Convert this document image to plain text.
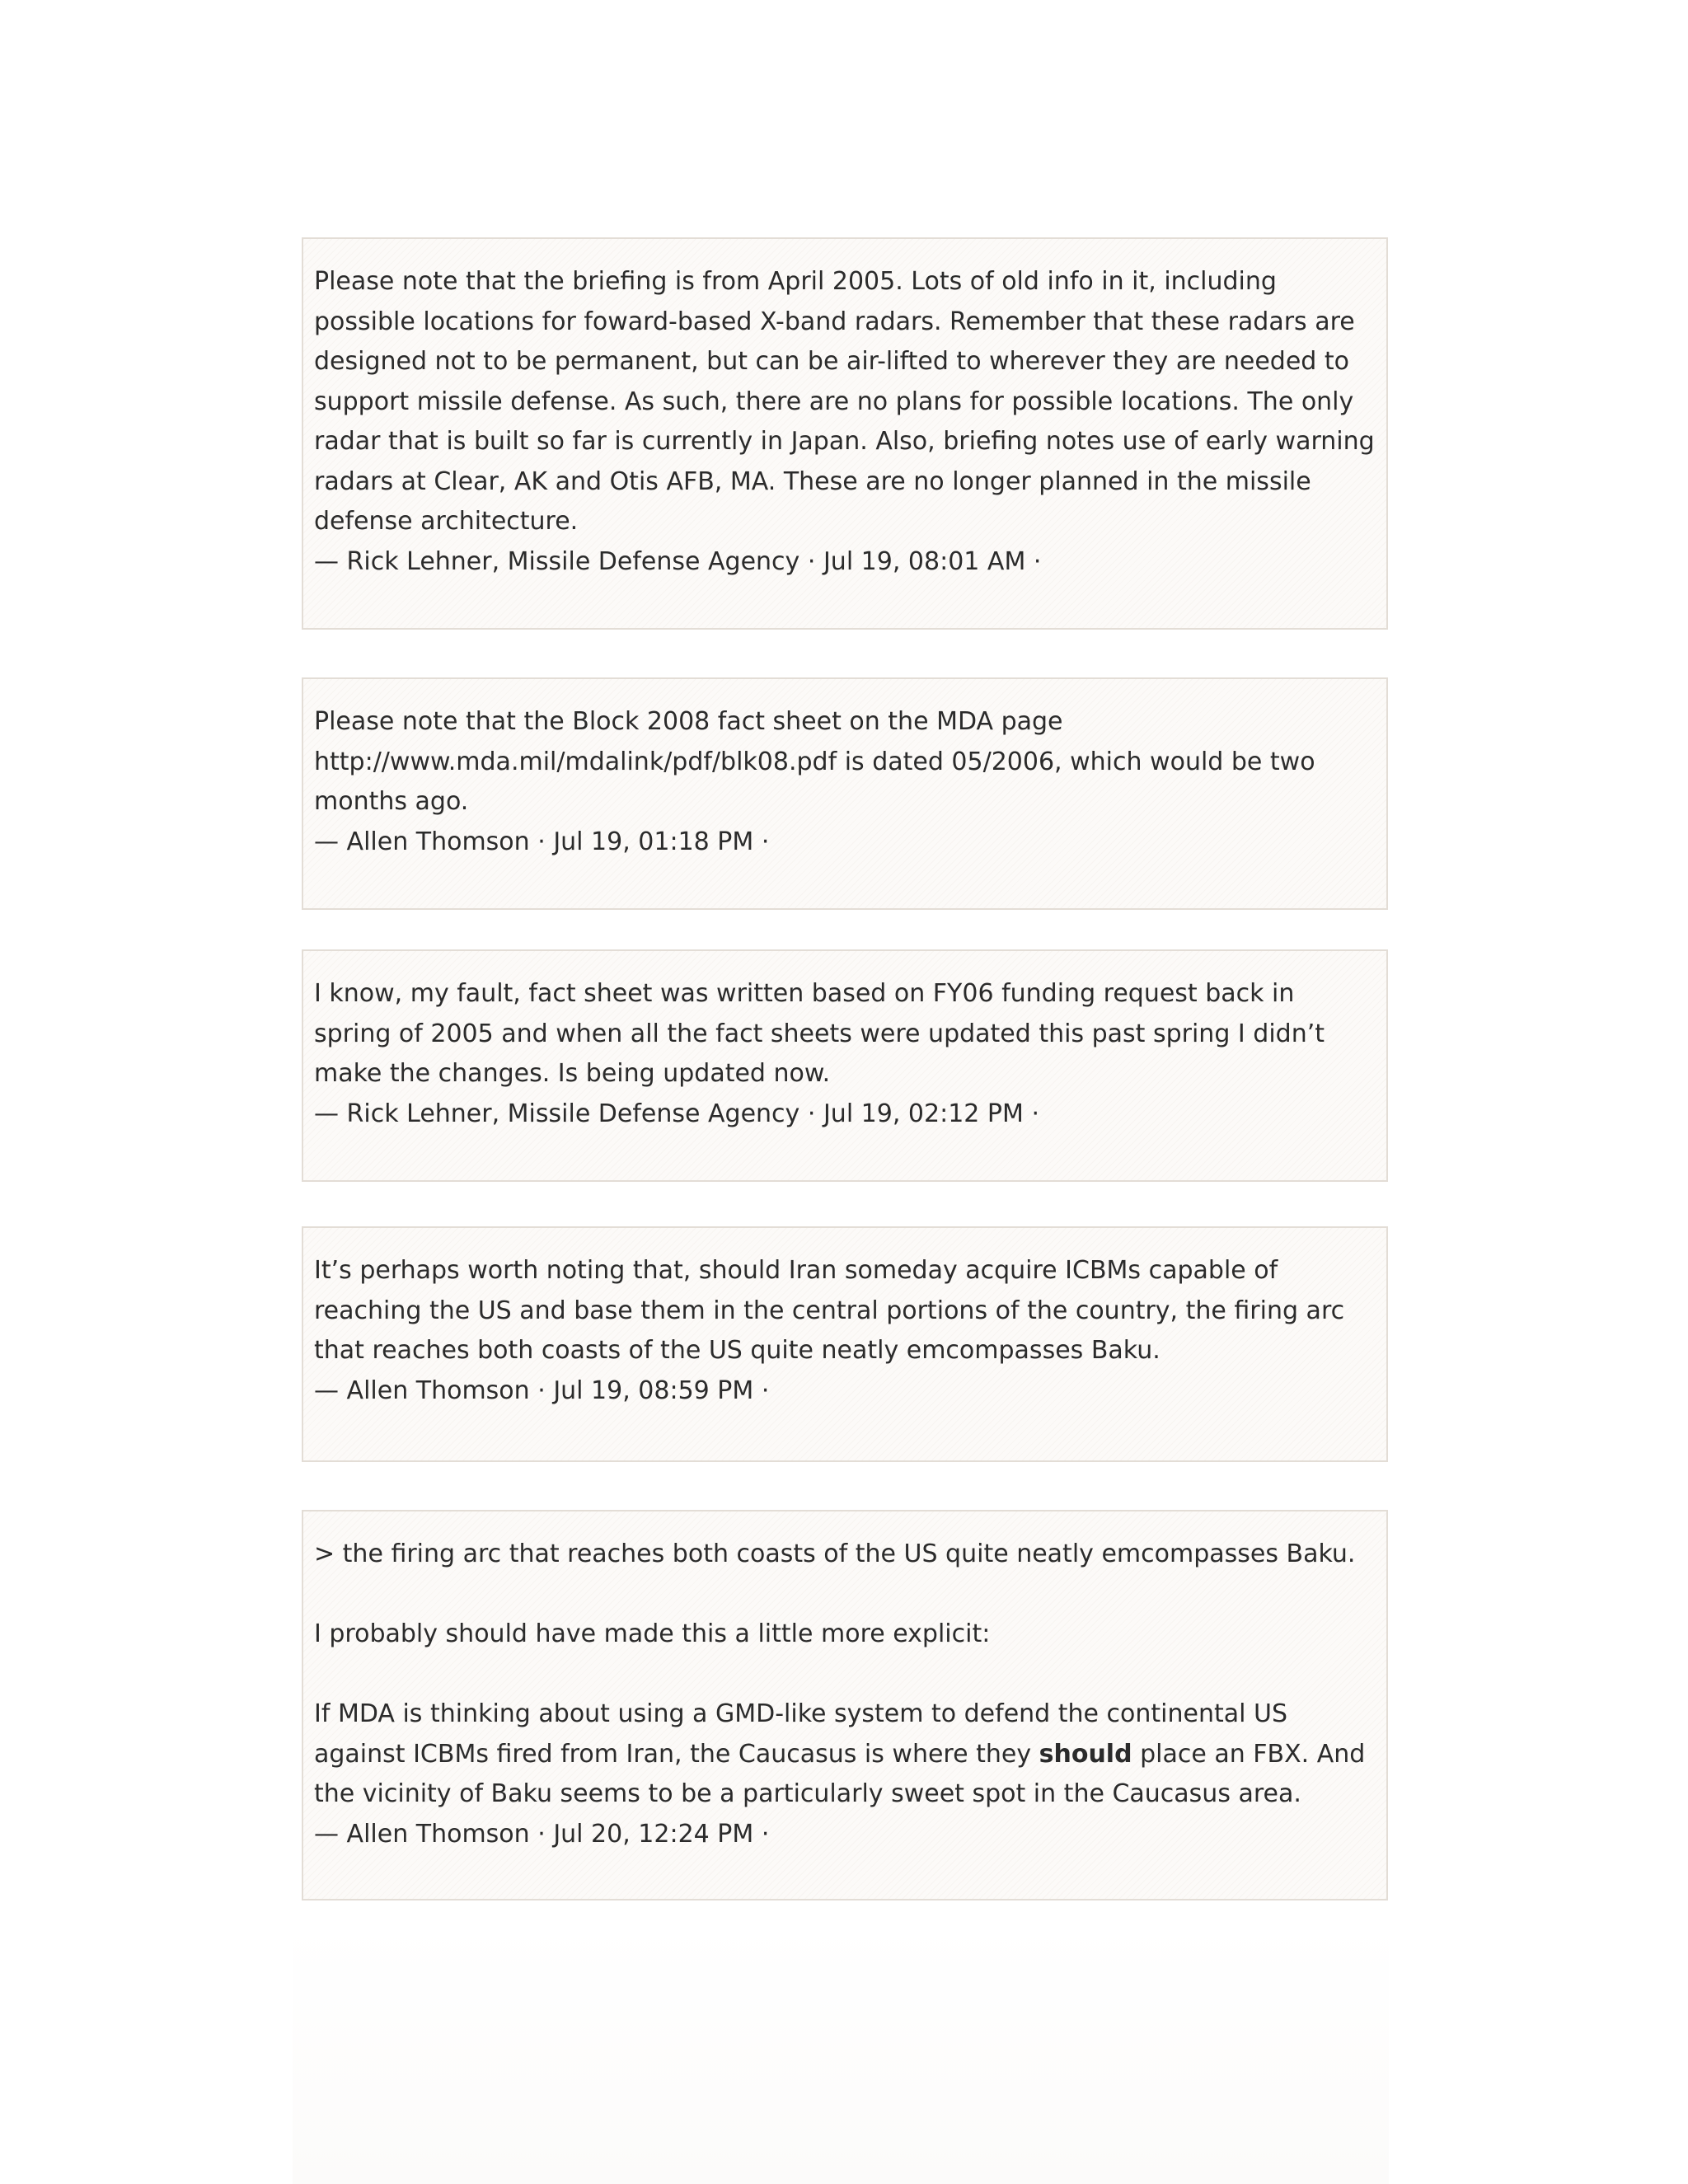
Please note that the briefing is from April 2005. Lots of old info in it, including possible locations for foward-based X-band radars. Remember that these radars are designed not to be permanent, but can be air-lifted to wherever they are needed to support missile defense. As such, there are no plans for possible locations. The only radar that is built so far is currently in Japan. Also, briefing notes use of early warning radars at Clear, AK and Otis AFB, MA. These are no longer planned in the missile defense architecture.

— Rick Lehner, Missile Defense Agency · Jul 19, 08:01 AM ·

Please note that the Block 2008 fact sheet on the MDA page http://www.mda.mil/mdalink/pdf/blk08.pdf is dated 05/2006, which would be two months ago.

— Allen Thomson · Jul 19, 01:18 PM ·

I know, my fault, fact sheet was written based on FY06 funding request back in spring of 2005 and when all the fact sheets were updated this past spring I didn’t make the changes. Is being updated now.

— Rick Lehner, Missile Defense Agency · Jul 19, 02:12 PM ·

It’s perhaps worth noting that, should Iran someday acquire ICBMs capable of reaching the US and base them in the central portions of the country, the firing arc that reaches both coasts of the US quite neatly emcompasses Baku.

— Allen Thomson · Jul 19, 08:59 PM ·

> the firing arc that reaches both coasts of the US quite neatly emcompasses Baku.

I probably should have made this a little more explicit:

If MDA is thinking about using a GMD-like system to defend the continental US against ICBMs fired from Iran, the Caucasus is where they should place an FBX. And the vicinity of Baku seems to be a particularly sweet spot in the Caucasus area.

— Allen Thomson · Jul 20, 12:24 PM ·
